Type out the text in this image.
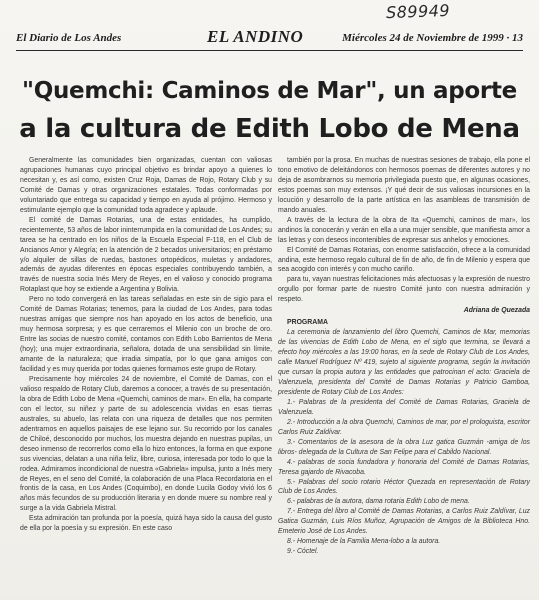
S89949
El Diario de Los Andes	EL ANDINO	Miércoles 24 de Noviembre de 1999 · 13
"Quemchi: Caminos de Mar", un aporte
a la cultura de Edith Lobo de Mena

Generalmente las comunidades bien organizadas, cuentan con valiosas agrupaciones humanas cuyo principal objetivo es brindar apoyo a quienes lo necesitan y, es así como, existen Cruz Roja, Damas de Rojo, Rotary Club y su Comité de Damas y otras organizaciones estatales. Todas conformadas por voluntariado que entrega su capacidad y tiempo en ayuda al prójimo. Hermoso y estimulante ejemplo que la comunidad toda agradece y aplaude.

El comité de Damas Rotarias, una de estas entidades, ha cumplido, recientemente, 53 años de labor ininterrumpida en la comunidad de Los Andes; su tarea se ha centrado en los niños de la Escuela Especial F-118, en el Club de Ancianos Amor y Alegría; en la atención de 2 becados universitarios; en préstamo y/o alquiler de sillas de ruedas, bastones ortopédicos, muletas y andadores, además de ayudas diferentes en épocas especiales contribuyendo también, a través de nuestra socia Inés Mery de Reyes, en el valioso y conocido programa Rotaplast que hoy se extiende a Argentina y Bolivia.

Pero no todo convergerá en las tareas señaladas en este sin de sigio para el Comité de Damas Rotarias; tenemos, para la ciudad de Los Andes, para todas nuestras amigas que siempre nos han apoyado en los actos de beneficio, una muy hermosa sorpresa; y es que cerraremos el Milenio con un broche de oro. Entre las socias de nuestro comité, contamos con Edith Lobo Barrientos de Mena (hoy); una mujer extraordinaria, señalora, dotada de una sensibilidad sin límite, amante de la naturaleza; que irradia simpatía, por lo que gana amigos con facilidad y es muy querida por todas quienes formamos este grupo de Rotary.

Precisamente hoy miércoles 24 de noviembre, el Comité de Damas, con el valioso respaldo de Rotary Club, daremos a conocer, a través de su presentación, la obra de Edith Lobo de Mena «Quemchi, caminos de mar». En ella, ha comparte con el lector, su niñez y parte de su adolescencia vividas en esas tierras australes, su abuelo, las relata con una riqueza de detalles que nos permiten adentrarnos en aquellos paisajes de ese lejano sur. Su recorrido por los canales de Chiloé, desconocido por muchos, los muestra dejando en nuestras pupilas, un deseo inmenso de recorrerlos como ella lo hizo entonces, la forma en que expone sus vivencias, delatan a una niña feliz, libre, curiosa, interesada por todo lo que la rodea. Admiramos incondicional de nuestra «Gabriela» impulsa, junto a Inés mery de Reyes, en el seno del Comité, la colaboración de una Placa Recordatoria en el frontis de la casa, en Los Andes (Coquimbo), en donde Lucila Godoy vivió los 6 años más fecundos de su producción literaria y en donde muere su nombre real y surge a la vida Gabriela Mistral.

Esta admiración tan profunda por la poesía, quizá haya sido la causa del gusto de ella por la poesía y su expresión. En este caso

también por la prosa. En muchas de nuestras sesiones de trabajo, ella pone el tono emotivo de deleitándonos con hermosos poemas de diferentes autores y no deja de asombrarnos su memoria privilegiada puesto que, en algunas ocasiones, estos poemas son muy extensos. ¡Y qué decir de sus valiosas incursiones en la locución y desarrollo de la parte artística en las asambleas de transmisión de mando anuales.

A través de la lectura de la obra de Ita «Quemchi, caminos de mar», los andinos la conocerán y verán en ella a una mujer sensible, que manifiesta amor a las letras y con deseos incontenibles de expresar sus anhelos y emociones.

El Comité de Damas Rotarias, con enorme satisfacción, ofrece a la comunidad andina, este hermoso regalo cultural de fin de año, de fin de Milenio y espera que sea acogido con interés y con mucho cariño.

para tu, vayan nuestras felicitaciones más afectuosas y la expresión de nuestro orgullo por formar parte de nuestro Comité junto con nuestra admiración y respeto.

Adriana de Quezada

PROGRAMA

La ceremonia de lanzamiento del libro Quemchi, Caminos de Mar, memorias de las vivencias de Edith Lobo de Mena, en el siglo que termina, se llevará a efecto hoy miércoles a las 19:00 horas, en la sede de Rotary Club de Los Andes, calle Manuel Rodríguez Nº 419, sujeto al siguiente programa, según la invitación que cursan la propia autora y las entidades que patrocinan el acto: Graciela de Valenzuela, presidenta del Comité de Damas Rotarias y Patricio Gamboa, presidente de Rotary Club de Los Andes:

1.- Palabras de la presidenta del Comité de Damas Rotarias, Graciela de Valenzuela.
2.- Introducción a la obra Quemchi, Caminos de mar, por el prologuista, escritor Carlos Ruiz Zaldívar.
3.- Comentarios de la asesora de la obra Luz gatica Guzmán -amiga de los libros- delegada de la Cultura de San Felipe para el Cabildo Nacional.
4.- palabras de socia fundadora y honoraria del Comité de Damas Rotarias, Teresa gajardo de Rivacoba.
5.- Palabras del socio rotario Héctor Quezada en representación de Rotary Club de Los Andes.
6.- palabras de la autora, dama rotaria Edith Lobo de mena.
7.- Entrega del libro al Comité de Damas Rotarias, a Carlos Ruiz Zaldívar, Luz Gatica Guzmán, Luis Ríos Muñoz, Agrupación de Amigos de la Biblioteca Hno. Emeterio José de Los Andes.
8.- Homenaje de la Familia Mena-lobo a la autora.
9.- Cóctel.
